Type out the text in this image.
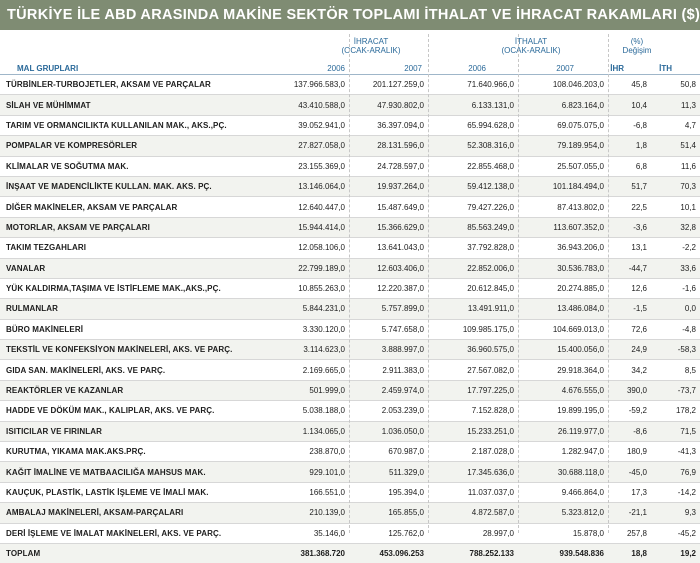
TÜRKİYE İLE ABD ARASINDA MAKİNE SEKTÖR TOPLAMI İTHALAT VE İHRACAT RAKAMLARI ($)
İHRACAT
(OCAK-ARALIK)
İTHALAT
(OCAK-ARALIK)
(%)
Değişim
MAL GRUPLARI	2006	2007	2006	2007	İHR	İTH
TÜRBİNLER-TURBOJETLER, AKSAM VE PARÇALAR	137.966.583,0	201.127.259,0	71.640.966,0	108.046.203,0	45,8	50,8
SİLAH VE MÜHİMMAT	43.410.588,0	47.930.802,0	6.133.131,0	6.823.164,0	10,4	11,3
TARIM VE ORMANCILIKTA KULLANILAN MAK., AKS.,PÇ.	39.052.941,0	36.397.094,0	65.994.628,0	69.075.075,0	-6,8	4,7
POMPALAR VE KOMPRESÖRLER	27.827.058,0	28.131.596,0	52.308.316,0	79.189.954,0	1,8	51,4
KLİMALAR VE SOĞUTMA MAK.	23.155.369,0	24.728.597,0	22.855.468,0	25.507.055,0	6,8	11,6
İNŞAAT VE MADENCİLİKTE KULLAN. MAK. AKS. PÇ.	13.146.064,0	19.937.264,0	59.412.138,0	101.184.494,0	51,7	70,3
DİĞER MAKİNELER, AKSAM VE PARÇALAR	12.640.447,0	15.487.649,0	79.427.226,0	87.413.802,0	22,5	10,1
MOTORLAR, AKSAM VE PARÇALARI	15.944.414,0	15.366.629,0	85.563.249,0	113.607.352,0	-3,6	32,8
TAKIM TEZGAHLARI	12.058.106,0	13.641.043,0	37.792.828,0	36.943.206,0	13,1	-2,2
VANALAR	22.799.189,0	12.603.406,0	22.852.006,0	30.536.783,0	-44,7	33,6
YÜK KALDIRMA,TAŞIMA VE İSTİFLEME MAK.,AKS.,PÇ.	10.855.263,0	12.220.387,0	20.612.845,0	20.274.885,0	12,6	-1,6
RULMANLAR	5.844.231,0	5.757.899,0	13.491.911,0	13.486.084,0	-1,5	0,0
BÜRO MAKİNELERİ	3.330.120,0	5.747.658,0	109.985.175,0	104.669.013,0	72,6	-4,8
TEKSTİL VE KONFEKSİYON MAKİNELERİ, AKS. VE PARÇ.	3.114.623,0	3.888.997,0	36.960.575,0	15.400.056,0	24,9	-58,3
GIDA SAN. MAKİNELERİ, AKS. VE PARÇ.	2.169.665,0	2.911.383,0	27.567.082,0	29.918.364,0	34,2	8,5
REAKTÖRLER VE KAZANLAR	501.999,0	2.459.974,0	17.797.225,0	4.676.555,0	390,0	-73,7
HADDE VE DÖKÜM MAK., KALIPLAR, AKS. VE PARÇ.	5.038.188,0	2.053.239,0	7.152.828,0	19.899.195,0	-59,2	178,2
ISITICILAR VE FIRINLAR	1.134.065,0	1.036.050,0	15.233.251,0	26.119.977,0	-8,6	71,5
KURUTMA, YIKAMA MAK.AKS.PRÇ.	238.870,0	670.987,0	2.187.028,0	1.282.947,0	180,9	-41,3
KAĞIT İMALİNE VE MATBAACILIĞA MAHSUS MAK.	929.101,0	511.329,0	17.345.636,0	30.688.118,0	-45,0	76,9
KAUÇUK, PLASTİK, LASTİK İŞLEME VE İMALİ MAK.	166.551,0	195.394,0	11.037.037,0	9.466.864,0	17,3	-14,2
AMBALAJ MAKİNELERİ, AKSAM-PARÇALARI	210.139,0	165.855,0	4.872.587,0	5.323.812,0	-21,1	9,3
DERİ İŞLEME VE İMALAT MAKİNELERİ, AKS. VE PARÇ.	35.146,0	125.762,0	28.997,0	15.878,0	257,8	-45,2
TOPLAM	381.368.720	453.096.253	788.252.133	939.548.836	18,8	19,2
